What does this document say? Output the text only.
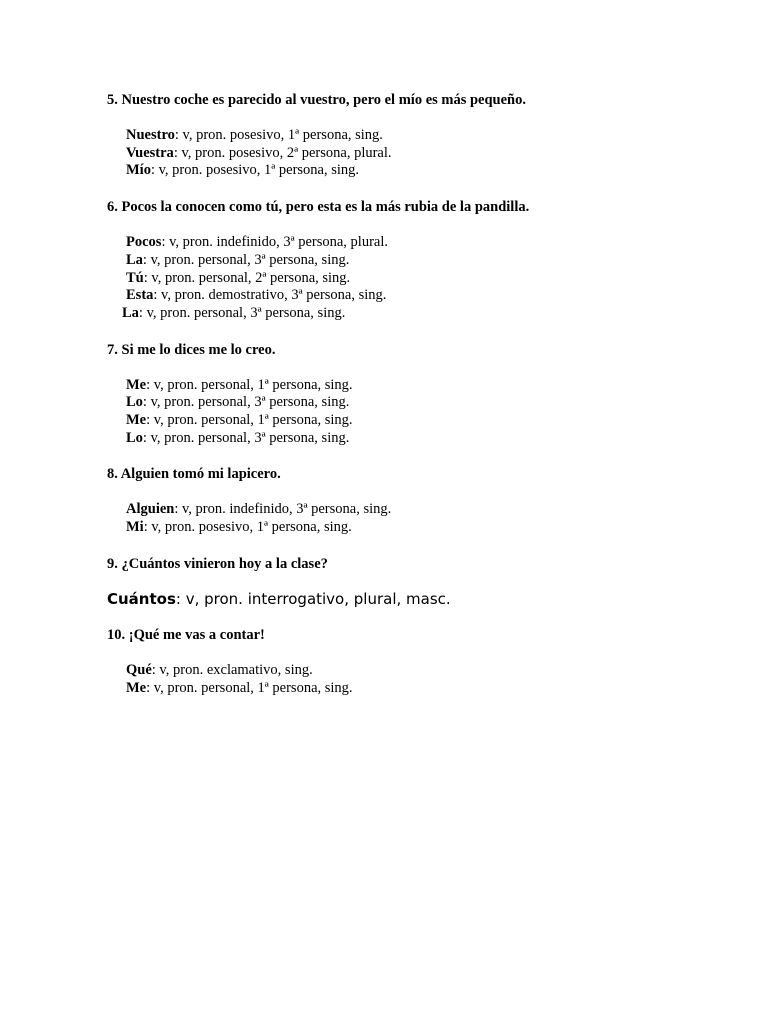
5. Nuestro coche es parecido al vuestro, pero el mío es más pequeño.

Nuestro: v, pron. posesivo, 1ª persona, sing.
Vuestra: v, pron. posesivo, 2ª persona, plural.
Mío: v, pron. posesivo, 1ª persona, sing.

6. Pocos la conocen como tú, pero esta es la más rubia de la pandilla.

Pocos: v, pron. indefinido, 3ª persona, plural.
La: v, pron. personal, 3ª persona, sing.
Tú: v, pron. personal, 2ª persona, sing.
Esta: v, pron. demostrativo, 3ª persona, sing.
La: v, pron. personal, 3ª persona, sing.

7. Si me lo dices me lo creo.

Me: v, pron. personal, 1ª persona, sing.
Lo: v, pron. personal, 3ª persona, sing.
Me: v, pron. personal, 1ª persona, sing.
Lo: v, pron. personal, 3ª persona, sing.

8. Alguien tomó mi lapicero.

Alguien: v, pron. indefinido, 3ª persona, sing.
Mi: v, pron. posesivo, 1ª persona, sing.

9. ¿Cuántos vinieron hoy a la clase?

Cuántos: v, pron. interrogativo, plural, masc.

10. ¡Qué me vas a contar!

Qué: v, pron. exclamativo, sing.
Me: v, pron. personal, 1ª persona, sing.
